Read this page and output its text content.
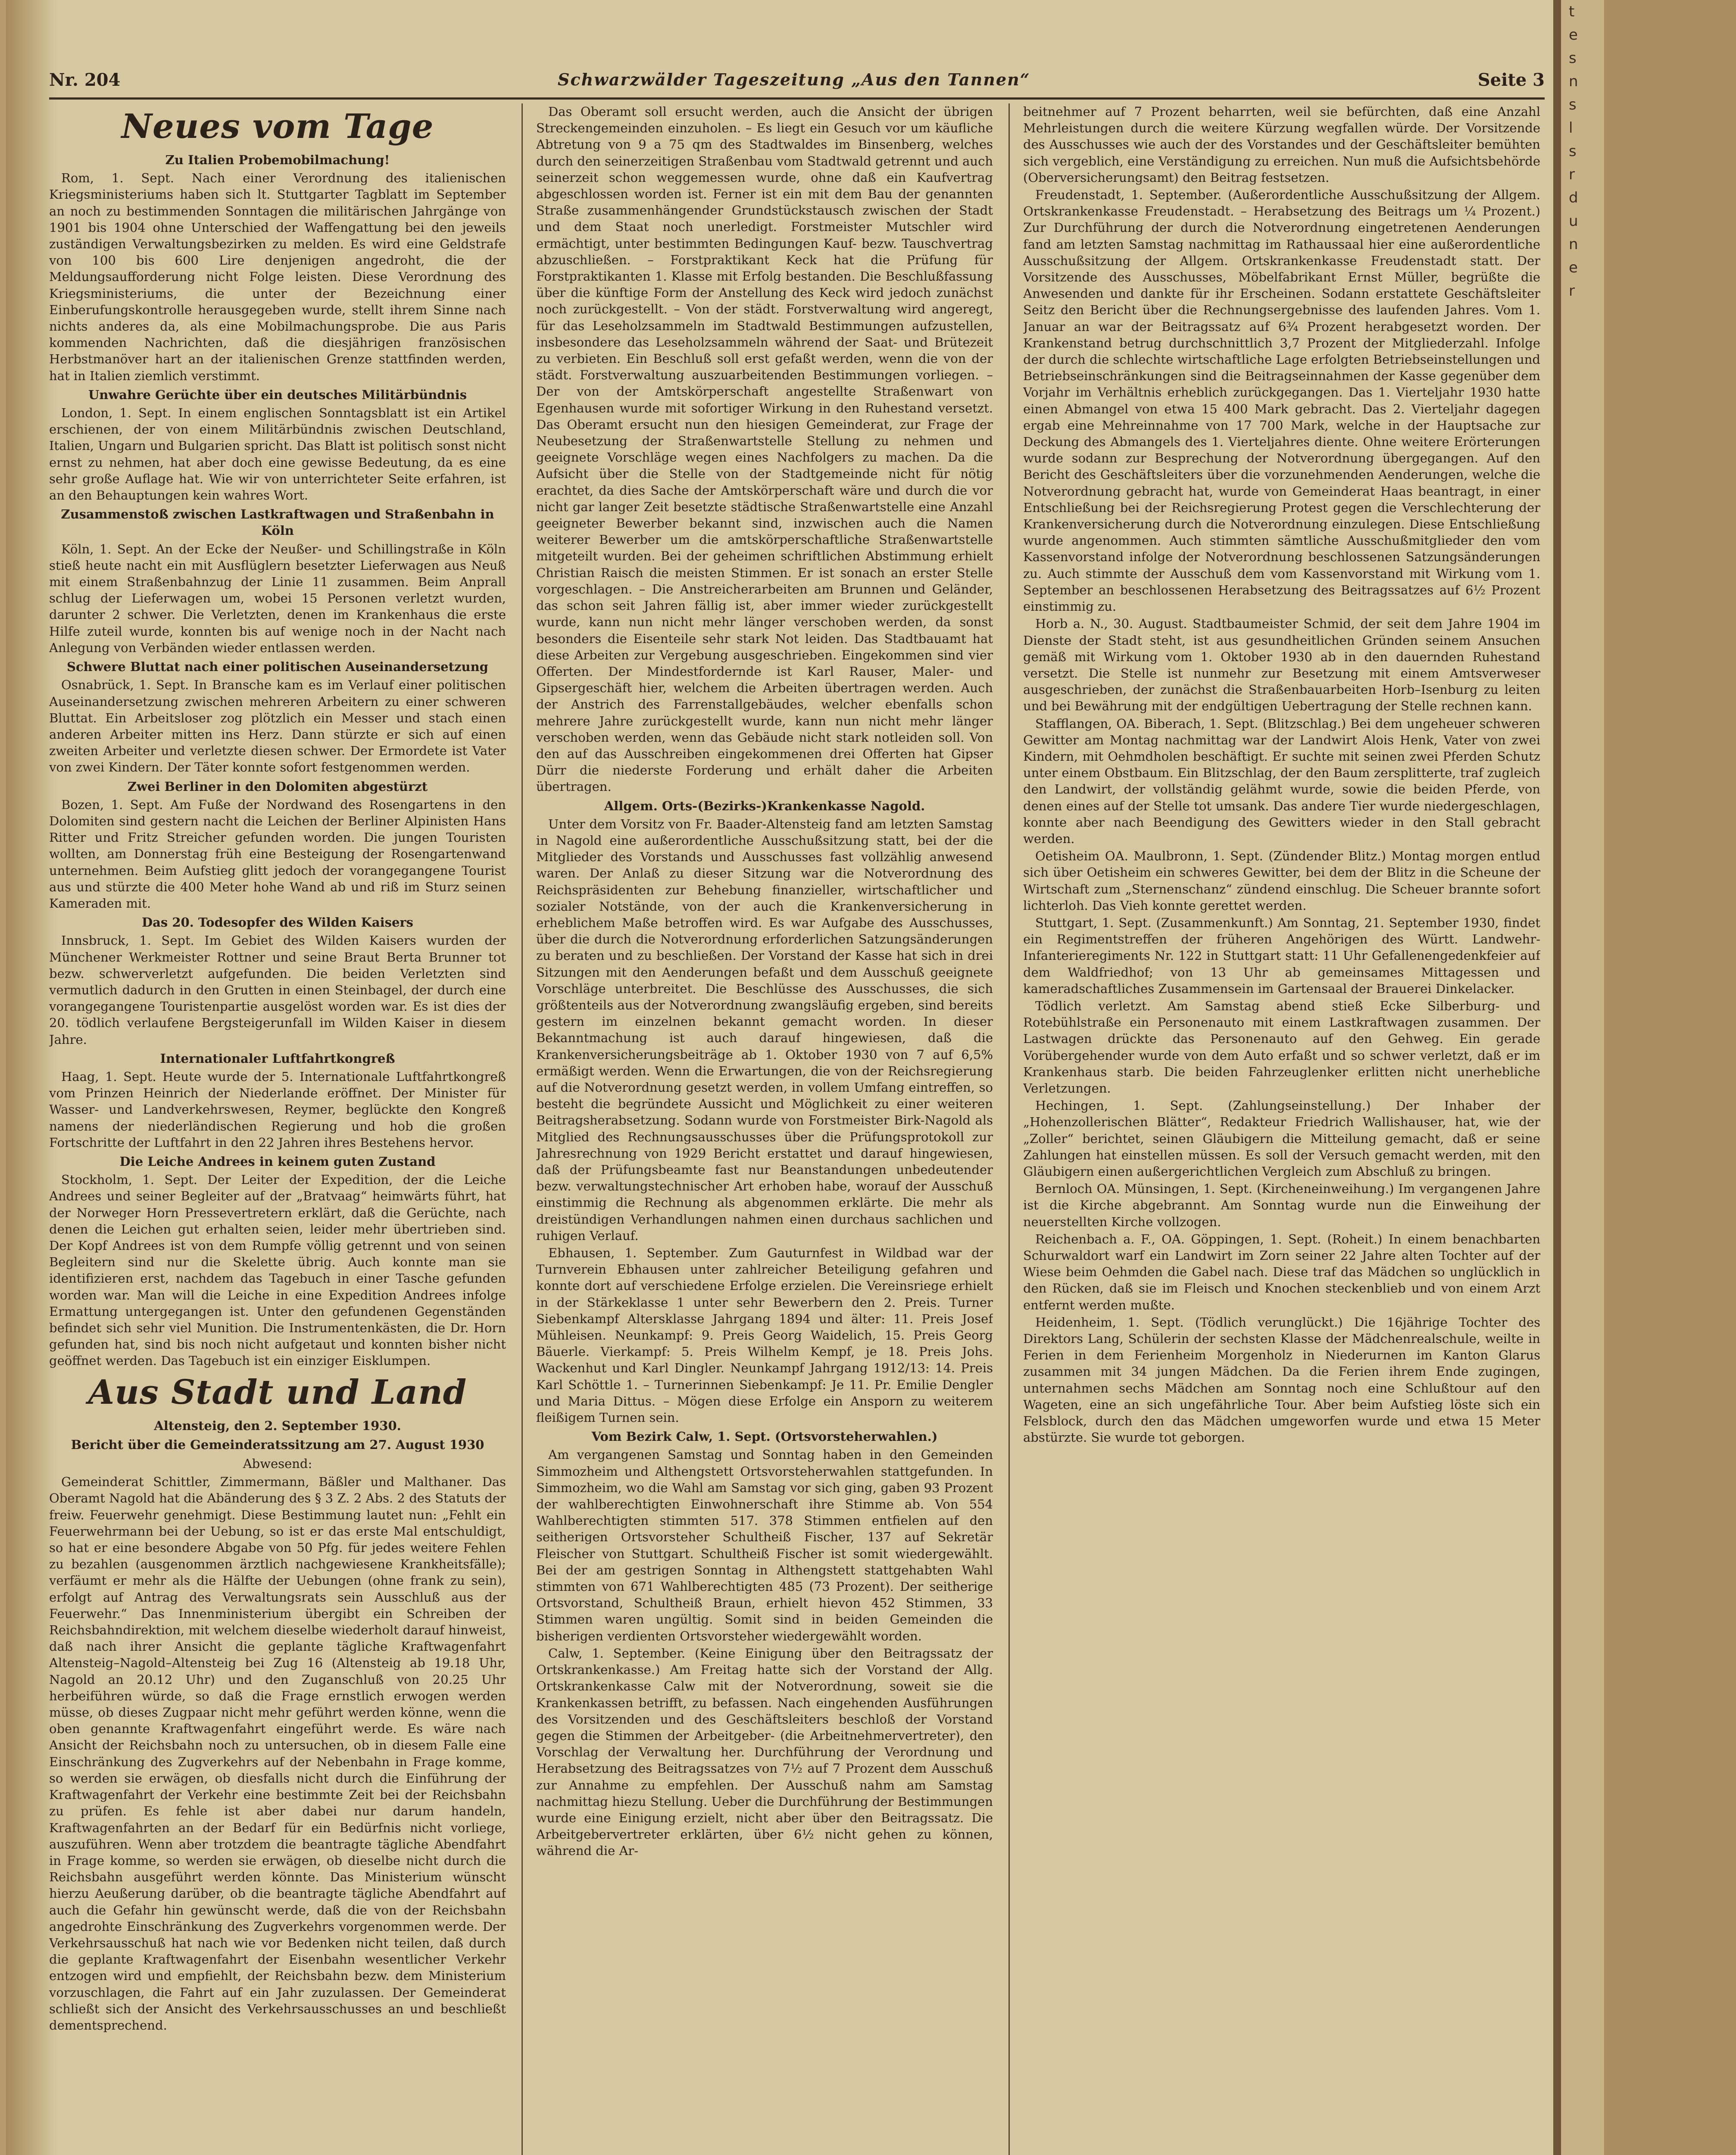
Nr. 204	Schwarzwälder Tageszeitung „Aus den Tannen“	Seite 3
Neues vom Tage
Zu Italien Probemobilmachung!

Rom, 1. Sept. Nach einer Verordnung des italienischen Kriegsministeriums haben sich lt. Stuttgarter Tagblatt im September an noch zu bestimmenden Sonntagen die militärischen Jahrgänge von 1901 bis 1904 ohne Unterschied der Waffengattung bei den jeweils zuständigen Verwaltungsbezirken zu melden. Es wird eine Geldstrafe von 100 bis 600 Lire denjenigen angedroht, die der Meldungsaufforderung nicht Folge leisten. Diese Verordnung des Kriegsministeriums, die unter der Bezeichnung einer Einberufungskontrolle herausgegeben wurde, stellt ihrem Sinne nach nichts anderes da, als eine Mobilmachungsprobe. Die aus Paris kommenden Nachrichten, daß die diesjährigen französischen Herbstmanöver hart an der italienischen Grenze stattfinden werden, hat in Italien ziemlich verstimmt.

Unwahre Gerüchte über ein deutsches Militärbündnis

London, 1. Sept. In einem englischen Sonntagsblatt ist ein Artikel erschienen, der von einem Militärbündnis zwischen Deutschland, Italien, Ungarn und Bulgarien spricht. Das Blatt ist politisch sonst nicht ernst zu nehmen, hat aber doch eine gewisse Bedeutung, da es eine sehr große Auflage hat. Wie wir von unterrichteter Seite erfahren, ist an den Behauptungen kein wahres Wort.

Zusammenstoß zwischen Lastkraftwagen und Straßenbahn in Köln

Köln, 1. Sept. An der Ecke der Neußer- und Schillingstraße in Köln stieß heute nacht ein mit Ausflüglern besetzter Lieferwagen aus Neuß mit einem Straßenbahnzug der Linie 11 zusammen. Beim Anprall schlug der Lieferwagen um, wobei 15 Personen verletzt wurden, darunter 2 schwer. Die Verletzten, denen im Krankenhaus die erste Hilfe zuteil wurde, konnten bis auf wenige noch in der Nacht nach Anlegung von Verbänden wieder entlassen werden.

Schwere Bluttat nach einer politischen Auseinandersetzung

Osnabrück, 1. Sept. In Bransche kam es im Verlauf einer politischen Auseinandersetzung zwischen mehreren Arbeitern zu einer schweren Bluttat. Ein Arbeitsloser zog plötzlich ein Messer und stach einen anderen Arbeiter mitten ins Herz. Dann stürzte er sich auf einen zweiten Arbeiter und verletzte diesen schwer. Der Ermordete ist Vater von zwei Kindern. Der Täter konnte sofort festgenommen werden.

Zwei Berliner in den Dolomiten abgestürzt

Bozen, 1. Sept. Am Fuße der Nordwand des Rosengartens in den Dolomiten sind gestern nacht die Leichen der Berliner Alpinisten Hans Ritter und Fritz Streicher gefunden worden. Die jungen Touristen wollten, am Donnerstag früh eine Besteigung der Rosengartenwand unternehmen. Beim Aufstieg glitt jedoch der vorangegangene Tourist aus und stürzte die 400 Meter hohe Wand ab und riß im Sturz seinen Kameraden mit.

Das 20. Todesopfer des Wilden Kaisers

Innsbruck, 1. Sept. Im Gebiet des Wilden Kaisers wurden der Münchener Werkmeister Rottner und seine Braut Berta Brunner tot bezw. schwerverletzt aufgefunden. Die beiden Verletzten sind vermutlich dadurch in den Grutten in einen Steinbagel, der durch eine vorangegangene Touristenpartie ausgelöst worden war. Es ist dies der 20. tödlich verlaufene Bergsteigerunfall im Wilden Kaiser in diesem Jahre.

Internationaler Luftfahrtkongreß

Haag, 1. Sept. Heute wurde der 5. Internationale Luftfahrtkongreß vom Prinzen Heinrich der Niederlande eröffnet. Der Minister für Wasser- und Landverkehrswesen, Reymer, beglückte den Kongreß namens der niederländischen Regierung und hob die großen Fortschritte der Luftfahrt in den 22 Jahren ihres Bestehens hervor.

Die Leiche Andrees in keinem guten Zustand

Stockholm, 1. Sept. Der Leiter der Expedition, der die Leiche Andrees und seiner Begleiter auf der „Bratvaag“ heimwärts führt, hat der Norweger Horn Pressevertretern erklärt, daß die Gerüchte, nach denen die Leichen gut erhalten seien, leider mehr übertrieben sind. Der Kopf Andrees ist von dem Rumpfe völlig getrennt und von seinen Begleitern sind nur die Skelette übrig. Auch konnte man sie identifizieren erst, nachdem das Tagebuch in einer Tasche gefunden worden war. Man will die Leiche in eine Expedition Andrees infolge Ermattung untergegangen ist. Unter den gefundenen Gegenständen befindet sich sehr viel Munition. Die Instrumentenkästen, die Dr. Horn gefunden hat, sind bis noch nicht aufgetaut und konnten bisher nicht geöffnet werden. Das Tagebuch ist ein einziger Eisklumpen.

Aus Stadt und Land
Altensteig, den 2. September 1930.
Bericht über die Gemeinderatssitzung am 27. August 1930
Abwesend:

Gemeinderat Schittler, Zimmermann, Bäßler und Malthaner. Das Oberamt Nagold hat die Abänderung des § 3 Z. 2 Abs. 2 des Statuts der freiw. Feuerwehr genehmigt. Diese Bestimmung lautet nun: „Fehlt ein Feuerwehrmann bei der Uebung, so ist er das erste Mal entschuldigt, so hat er eine besondere Abgabe von 50 Pfg. für jedes weitere Fehlen zu bezahlen (ausgenommen ärztlich nachgewiesene Krankheitsfälle); verfäumt er mehr als die Hälfte der Uebungen (ohne frank zu sein), erfolgt auf Antrag des Verwaltungsrats sein Ausschluß aus der Feuerwehr.“ Das Innenministerium übergibt ein Schreiben der Reichsbahndirektion, mit welchem dieselbe wiederholt darauf hinweist, daß nach ihrer Ansicht die geplante tägliche Kraftwagenfahrt Altensteig–Nagold–Altensteig bei Zug 16 (Altensteig ab 19.18 Uhr, Nagold an 20.12 Uhr) und den Zuganschluß von 20.25 Uhr herbeiführen würde, so daß die Frage ernstlich erwogen werden müsse, ob dieses Zugpaar nicht mehr geführt werden könne, wenn die oben genannte Kraftwagenfahrt eingeführt werde. Es wäre nach Ansicht der Reichsbahn noch zu untersuchen, ob in diesem Falle eine Einschränkung des Zugverkehrs auf der Nebenbahn in Frage komme, so werden sie erwägen, ob diesfalls nicht durch die Einführung der Kraftwagenfahrt der Verkehr eine bestimmte Zeit bei der Reichsbahn zu prüfen. Es fehle ist aber dabei nur darum handeln, Kraftwagenfahrten an der Bedarf für ein Bedürfnis nicht vorliege, auszuführen. Wenn aber trotzdem die beantragte tägliche Abendfahrt in Frage komme, so werden sie erwägen, ob dieselbe nicht durch die Reichsbahn ausgeführt werden könnte. Das Ministerium wünscht hierzu Aeußerung darüber, ob die beantragte tägliche Abendfahrt auf auch die Gefahr hin gewünscht werde, daß die von der Reichsbahn angedrohte Einschränkung des Zugverkehrs vorgenommen werde. Der Verkehrsausschuß hat nach wie vor Bedenken nicht teilen, daß durch die geplante Kraftwagenfahrt der Eisenbahn wesentlicher Verkehr entzogen wird und empfiehlt, der Reichsbahn bezw. dem Ministerium vorzuschlagen, die Fahrt auf ein Jahr zuzulassen. Der Gemeinderat schließt sich der Ansicht des Verkehrsausschusses an und beschließt dementsprechend.

Das Oberamt soll ersucht werden, auch die Ansicht der übrigen Streckengemeinden einzuholen. – Es liegt ein Gesuch vor um käufliche Abtretung von 9 a 75 qm des Stadtwaldes im Binsenberg, welches durch den seinerzeitigen Straßenbau vom Stadtwald getrennt und auch seinerzeit schon weggemessen wurde, ohne daß ein Kaufvertrag abgeschlossen worden ist. Ferner ist ein mit dem Bau der genannten Straße zusammenhängender Grundstückstausch zwischen der Stadt und dem Staat noch unerledigt. Forstmeister Mutschler wird ermächtigt, unter bestimmten Bedingungen Kauf- bezw. Tauschvertrag abzuschließen. – Forstpraktikant Keck hat die Prüfung für Forstpraktikanten 1. Klasse mit Erfolg bestanden. Die Beschlußfassung über die künftige Form der Anstellung des Keck wird jedoch zunächst noch zurückgestellt. – Von der städt. Forstverwaltung wird angeregt, für das Leseholzsammeln im Stadtwald Bestimmungen aufzustellen, insbesondere das Leseholzsammeln während der Saat- und Brütezeit zu verbieten. Ein Beschluß soll erst gefaßt werden, wenn die von der städt. Forstverwaltung auszuarbeitenden Bestimmungen vorliegen. – Der von der Amtskörperschaft angestellte Straßenwart von Egenhausen wurde mit sofortiger Wirkung in den Ruhestand versetzt. Das Oberamt ersucht nun den hiesigen Gemeinderat, zur Frage der Neubesetzung der Straßenwartstelle Stellung zu nehmen und geeignete Vorschläge wegen eines Nachfolgers zu machen. Da die Aufsicht über die Stelle von der Stadtgemeinde nicht für nötig erachtet, da dies Sache der Amtskörperschaft wäre und durch die vor nicht gar langer Zeit besetzte städtische Straßenwartstelle eine Anzahl geeigneter Bewerber bekannt sind, inzwischen auch die Namen weiterer Bewerber um die amtskörperschaftliche Straßenwartstelle mitgeteilt wurden. Bei der geheimen schriftlichen Abstimmung erhielt Christian Raisch die meisten Stimmen. Er ist sonach an erster Stelle vorgeschlagen. – Die Anstreicherarbeiten am Brunnen und Geländer, das schon seit Jahren fällig ist, aber immer wieder zurückgestellt wurde, kann nun nicht mehr länger verschoben werden, da sonst besonders die Eisenteile sehr stark Not leiden. Das Stadtbauamt hat diese Arbeiten zur Vergebung ausgeschrieben. Eingekommen sind vier Offerten. Der Mindestfordernde ist Karl Rauser, Maler- und Gipsergeschäft hier, welchem die Arbeiten übertragen werden. Auch der Anstrich des Farrenstallgebäudes, welcher ebenfalls schon mehrere Jahre zurückgestellt wurde, kann nun nicht mehr länger verschoben werden, wenn das Gebäude nicht stark notleiden soll. Von den auf das Ausschreiben eingekommenen drei Offerten hat Gipser Dürr die niederste Forderung und erhält daher die Arbeiten übertragen.

Allgem. Orts-(Bezirks-)Krankenkasse Nagold.

Unter dem Vorsitz von Fr. Baader-Altensteig fand am letzten Samstag in Nagold eine außerordentliche Ausschußsitzung statt, bei der die Mitglieder des Vorstands und Ausschusses fast vollzählig anwesend waren. Der Anlaß zu dieser Sitzung war die Notverordnung des Reichspräsidenten zur Behebung finanzieller, wirtschaftlicher und sozialer Notstände, von der auch die Krankenversicherung in erheblichem Maße betroffen wird. Es war Aufgabe des Ausschusses, über die durch die Notverordnung erforderlichen Satzungsänderungen zu beraten und zu beschließen. Der Vorstand der Kasse hat sich in drei Sitzungen mit den Aenderungen befaßt und dem Ausschuß geeignete Vorschläge unterbreitet. Die Beschlüsse des Ausschusses, die sich größtenteils aus der Notverordnung zwangsläufig ergeben, sind bereits gestern im einzelnen bekannt gemacht worden. In dieser Bekanntmachung ist auch darauf hingewiesen, daß die Krankenversicherungsbeiträge ab 1. Oktober 1930 von 7 auf 6,5% ermäßigt werden. Wenn die Erwartungen, die von der Reichsregierung auf die Notverordnung gesetzt werden, in vollem Umfang eintreffen, so besteht die begründete Aussicht und Möglichkeit zu einer weiteren Beitragsherabsetzung. Sodann wurde von Forstmeister Birk-Nagold als Mitglied des Rechnungsausschusses über die Prüfungsprotokoll zur Jahresrechnung von 1929 Bericht erstattet und darauf hingewiesen, daß der Prüfungsbeamte fast nur Beanstandungen unbedeutender bezw. verwaltungstechnischer Art erhoben habe, worauf der Ausschuß einstimmig die Rechnung als abgenommen erklärte. Die mehr als dreistündigen Verhandlungen nahmen einen durchaus sachlichen und ruhigen Verlauf.

Ebhausen, 1. September. Zum Gauturnfest in Wildbad war der Turnverein Ebhausen unter zahlreicher Beteiligung gefahren und konnte dort auf verschiedene Erfolge erzielen. Die Vereinsriege erhielt in der Stärkeklasse 1 unter sehr Bewerbern den 2. Preis. Turner Siebenkampf Altersklasse Jahrgang 1894 und älter: 11. Preis Josef Mühleisen. Neunkampf: 9. Preis Georg Waidelich, 15. Preis Georg Bäuerle. Vierkampf: 5. Preis Wilhelm Kempf, je 18. Preis Johs. Wackenhut und Karl Dingler. Neunkampf Jahrgang 1912/13: 14. Preis Karl Schöttle 1. – Turnerinnen Siebenkampf: Je 11. Pr. Emilie Dengler und Maria Dittus. – Mögen diese Erfolge ein Ansporn zu weiterem fleißigem Turnen sein.

Vom Bezirk Calw, 1. Sept. (Ortsvorsteherwahlen.)

Am vergangenen Samstag und Sonntag haben in den Gemeinden Simmozheim und Althengstett Ortsvorsteherwahlen stattgefunden. In Simmozheim, wo die Wahl am Samstag vor sich ging, gaben 93 Prozent der wahlberechtigten Einwohnerschaft ihre Stimme ab. Von 554 Wahlberechtigten stimmten 517. 378 Stimmen entfielen auf den seitherigen Ortsvorsteher Schultheiß Fischer, 137 auf Sekretär Fleischer von Stuttgart. Schultheiß Fischer ist somit wiedergewählt. Bei der am gestrigen Sonntag in Althengstett stattgehabten Wahl stimmten von 671 Wahlberechtigten 485 (73 Prozent). Der seitherige Ortsvorstand, Schultheiß Braun, erhielt hievon 452 Stimmen, 33 Stimmen waren ungültig. Somit sind in beiden Gemeinden die bisherigen verdienten Ortsvorsteher wiedergewählt worden.

Calw, 1. September. (Keine Einigung über den Beitragssatz der Ortskrankenkasse.) Am Freitag hatte sich der Vorstand der Allg. Ortskrankenkasse Calw mit der Notverordnung, soweit sie die Krankenkassen betrifft, zu befassen. Nach eingehenden Ausführungen des Vorsitzenden und des Geschäftsleiters beschloß der Vorstand gegen die Stimmen der Arbeitgeber- (die Arbeitnehmervertreter), den Vorschlag der Verwaltung her. Durchführung der Verordnung und Herabsetzung des Beitragssatzes von 7½ auf 7 Prozent dem Ausschuß zur Annahme zu empfehlen. Der Ausschuß nahm am Samstag nachmittag hiezu Stellung. Ueber die Durchführung der Bestimmungen wurde eine Einigung erzielt, nicht aber über den Beitragssatz. Die Arbeitgebervertreter erklärten, über 6½ nicht gehen zu können, während die Ar-

beitnehmer auf 7 Prozent beharrten, weil sie befürchten, daß eine Anzahl Mehrleistungen durch die weitere Kürzung wegfallen würde. Der Vorsitzende des Ausschusses wie auch der des Vorstandes und der Geschäftsleiter bemühten sich vergeblich, eine Verständigung zu erreichen. Nun muß die Aufsichtsbehörde (Oberversicherungsamt) den Beitrag festsetzen.

Freudenstadt, 1. September. (Außerordentliche Ausschußsitzung der Allgem. Ortskrankenkasse Freudenstadt. – Herabsetzung des Beitrags um ¼ Prozent.) Zur Durchführung der durch die Notverordnung eingetretenen Aenderungen fand am letzten Samstag nachmittag im Rathaussaal hier eine außerordentliche Ausschußsitzung der Allgem. Ortskrankenkasse Freudenstadt statt. Der Vorsitzende des Ausschusses, Möbelfabrikant Ernst Müller, begrüßte die Anwesenden und dankte für ihr Erscheinen. Sodann erstattete Geschäftsleiter Seitz den Bericht über die Rechnungsergebnisse des laufenden Jahres. Vom 1. Januar an war der Beitragssatz auf 6¾ Prozent herabgesetzt worden. Der Krankenstand betrug durchschnittlich 3,7 Prozent der Mitgliederzahl. Infolge der durch die schlechte wirtschaftliche Lage erfolgten Betriebseinstellungen und Betriebseinschränkungen sind die Beitragseinnahmen der Kasse gegenüber dem Vorjahr im Verhältnis erheblich zurückgegangen. Das 1. Vierteljahr 1930 hatte einen Abmangel von etwa 15 400 Mark gebracht. Das 2. Vierteljahr dagegen ergab eine Mehreinnahme von 17 700 Mark, welche in der Hauptsache zur Deckung des Abmangels des 1. Vierteljahres diente. Ohne weitere Erörterungen wurde sodann zur Besprechung der Notverordnung übergegangen. Auf den Bericht des Geschäftsleiters über die vorzunehmenden Aenderungen, welche die Notverordnung gebracht hat, wurde von Gemeinderat Haas beantragt, in einer Entschließung bei der Reichsregierung Protest gegen die Verschlechterung der Krankenversicherung durch die Notverordnung einzulegen. Diese Entschließung wurde angenommen. Auch stimmten sämtliche Ausschußmitglieder den vom Kassenvorstand infolge der Notverordnung beschlossenen Satzungsänderungen zu. Auch stimmte der Ausschuß dem vom Kassenvorstand mit Wirkung vom 1. September an beschlossenen Herabsetzung des Beitragssatzes auf 6½ Prozent einstimmig zu.

Horb a. N., 30. August. Stadtbaumeister Schmid, der seit dem Jahre 1904 im Dienste der Stadt steht, ist aus gesundheitlichen Gründen seinem Ansuchen gemäß mit Wirkung vom 1. Oktober 1930 ab in den dauernden Ruhestand versetzt. Die Stelle ist nunmehr zur Besetzung mit einem Amtsverweser ausgeschrieben, der zunächst die Straßenbauarbeiten Horb–Isenburg zu leiten und bei Bewährung mit der endgültigen Uebertragung der Stelle rechnen kann.

Stafflangen, OA. Biberach, 1. Sept. (Blitzschlag.) Bei dem ungeheuer schweren Gewitter am Montag nachmittag war der Landwirt Alois Henk, Vater von zwei Kindern, mit Oehmdholen beschäftigt. Er suchte mit seinen zwei Pferden Schutz unter einem Obstbaum. Ein Blitzschlag, der den Baum zersplitterte, traf zugleich den Landwirt, der vollständig gelähmt wurde, sowie die beiden Pferde, von denen eines auf der Stelle tot umsank. Das andere Tier wurde niedergeschlagen, konnte aber nach Beendigung des Gewitters wieder in den Stall gebracht werden.

Oetisheim OA. Maulbronn, 1. Sept. (Zündender Blitz.) Montag morgen entlud sich über Oetisheim ein schweres Gewitter, bei dem der Blitz in die Scheune der Wirtschaft zum „Sternenschanz“ zündend einschlug. Die Scheuer brannte sofort lichterloh. Das Vieh konnte gerettet werden.

Stuttgart, 1. Sept. (Zusammenkunft.) Am Sonntag, 21. September 1930, findet ein Regimentstreffen der früheren Angehörigen des Württ. Landwehr-Infanterieregiments Nr. 122 in Stuttgart statt: 11 Uhr Gefallenengedenkfeier auf dem Waldfriedhof; von 13 Uhr ab gemeinsames Mittagessen und kameradschaftliches Zusammensein im Gartensaal der Brauerei Dinkelacker.

Tödlich verletzt. Am Samstag abend stieß Ecke Silberburg- und Rotebühlstraße ein Personenauto mit einem Lastkraftwagen zusammen. Der Lastwagen drückte das Personenauto auf den Gehweg. Ein gerade Vorübergehender wurde von dem Auto erfaßt und so schwer verletzt, daß er im Krankenhaus starb. Die beiden Fahrzeuglenker erlitten nicht unerhebliche Verletzungen.

Hechingen, 1. Sept. (Zahlungseinstellung.) Der Inhaber der „Hohenzollerischen Blätter“, Redakteur Friedrich Wallishauser, hat, wie der „Zoller“ berichtet, seinen Gläubigern die Mitteilung gemacht, daß er seine Zahlungen hat einstellen müssen. Es soll der Versuch gemacht werden, mit den Gläubigern einen außergerichtlichen Vergleich zum Abschluß zu bringen.

Bernloch OA. Münsingen, 1. Sept. (Kircheneinweihung.) Im vergangenen Jahre ist die Kirche abgebrannt. Am Sonntag wurde nun die Einweihung der neuerstellten Kirche vollzogen.

Reichenbach a. F., OA. Göppingen, 1. Sept. (Roheit.) In einem benachbarten Schurwaldort warf ein Landwirt im Zorn seiner 22 Jahre alten Tochter auf der Wiese beim Oehmden die Gabel nach. Diese traf das Mädchen so unglücklich in den Rücken, daß sie im Fleisch und Knochen steckenblieb und von einem Arzt entfernt werden mußte.

Heidenheim, 1. Sept. (Tödlich verunglückt.) Die 16jährige Tochter des Direktors Lang, Schülerin der sechsten Klasse der Mädchenrealschule, weilte in Ferien in dem Ferienheim Morgenholz in Niederurnen im Kanton Glarus zusammen mit 34 jungen Mädchen. Da die Ferien ihrem Ende zugingen, unternahmen sechs Mädchen am Sonntag noch eine Schlußtour auf den Wageten, eine an sich ungefährliche Tour. Aber beim Aufstieg löste sich ein Felsblock, durch den das Mädchen umgeworfen wurde und etwa 15 Meter abstürzte. Sie wurde tot geborgen.

t
e
s
n
s
l
s
r
d
u
n
e
r
